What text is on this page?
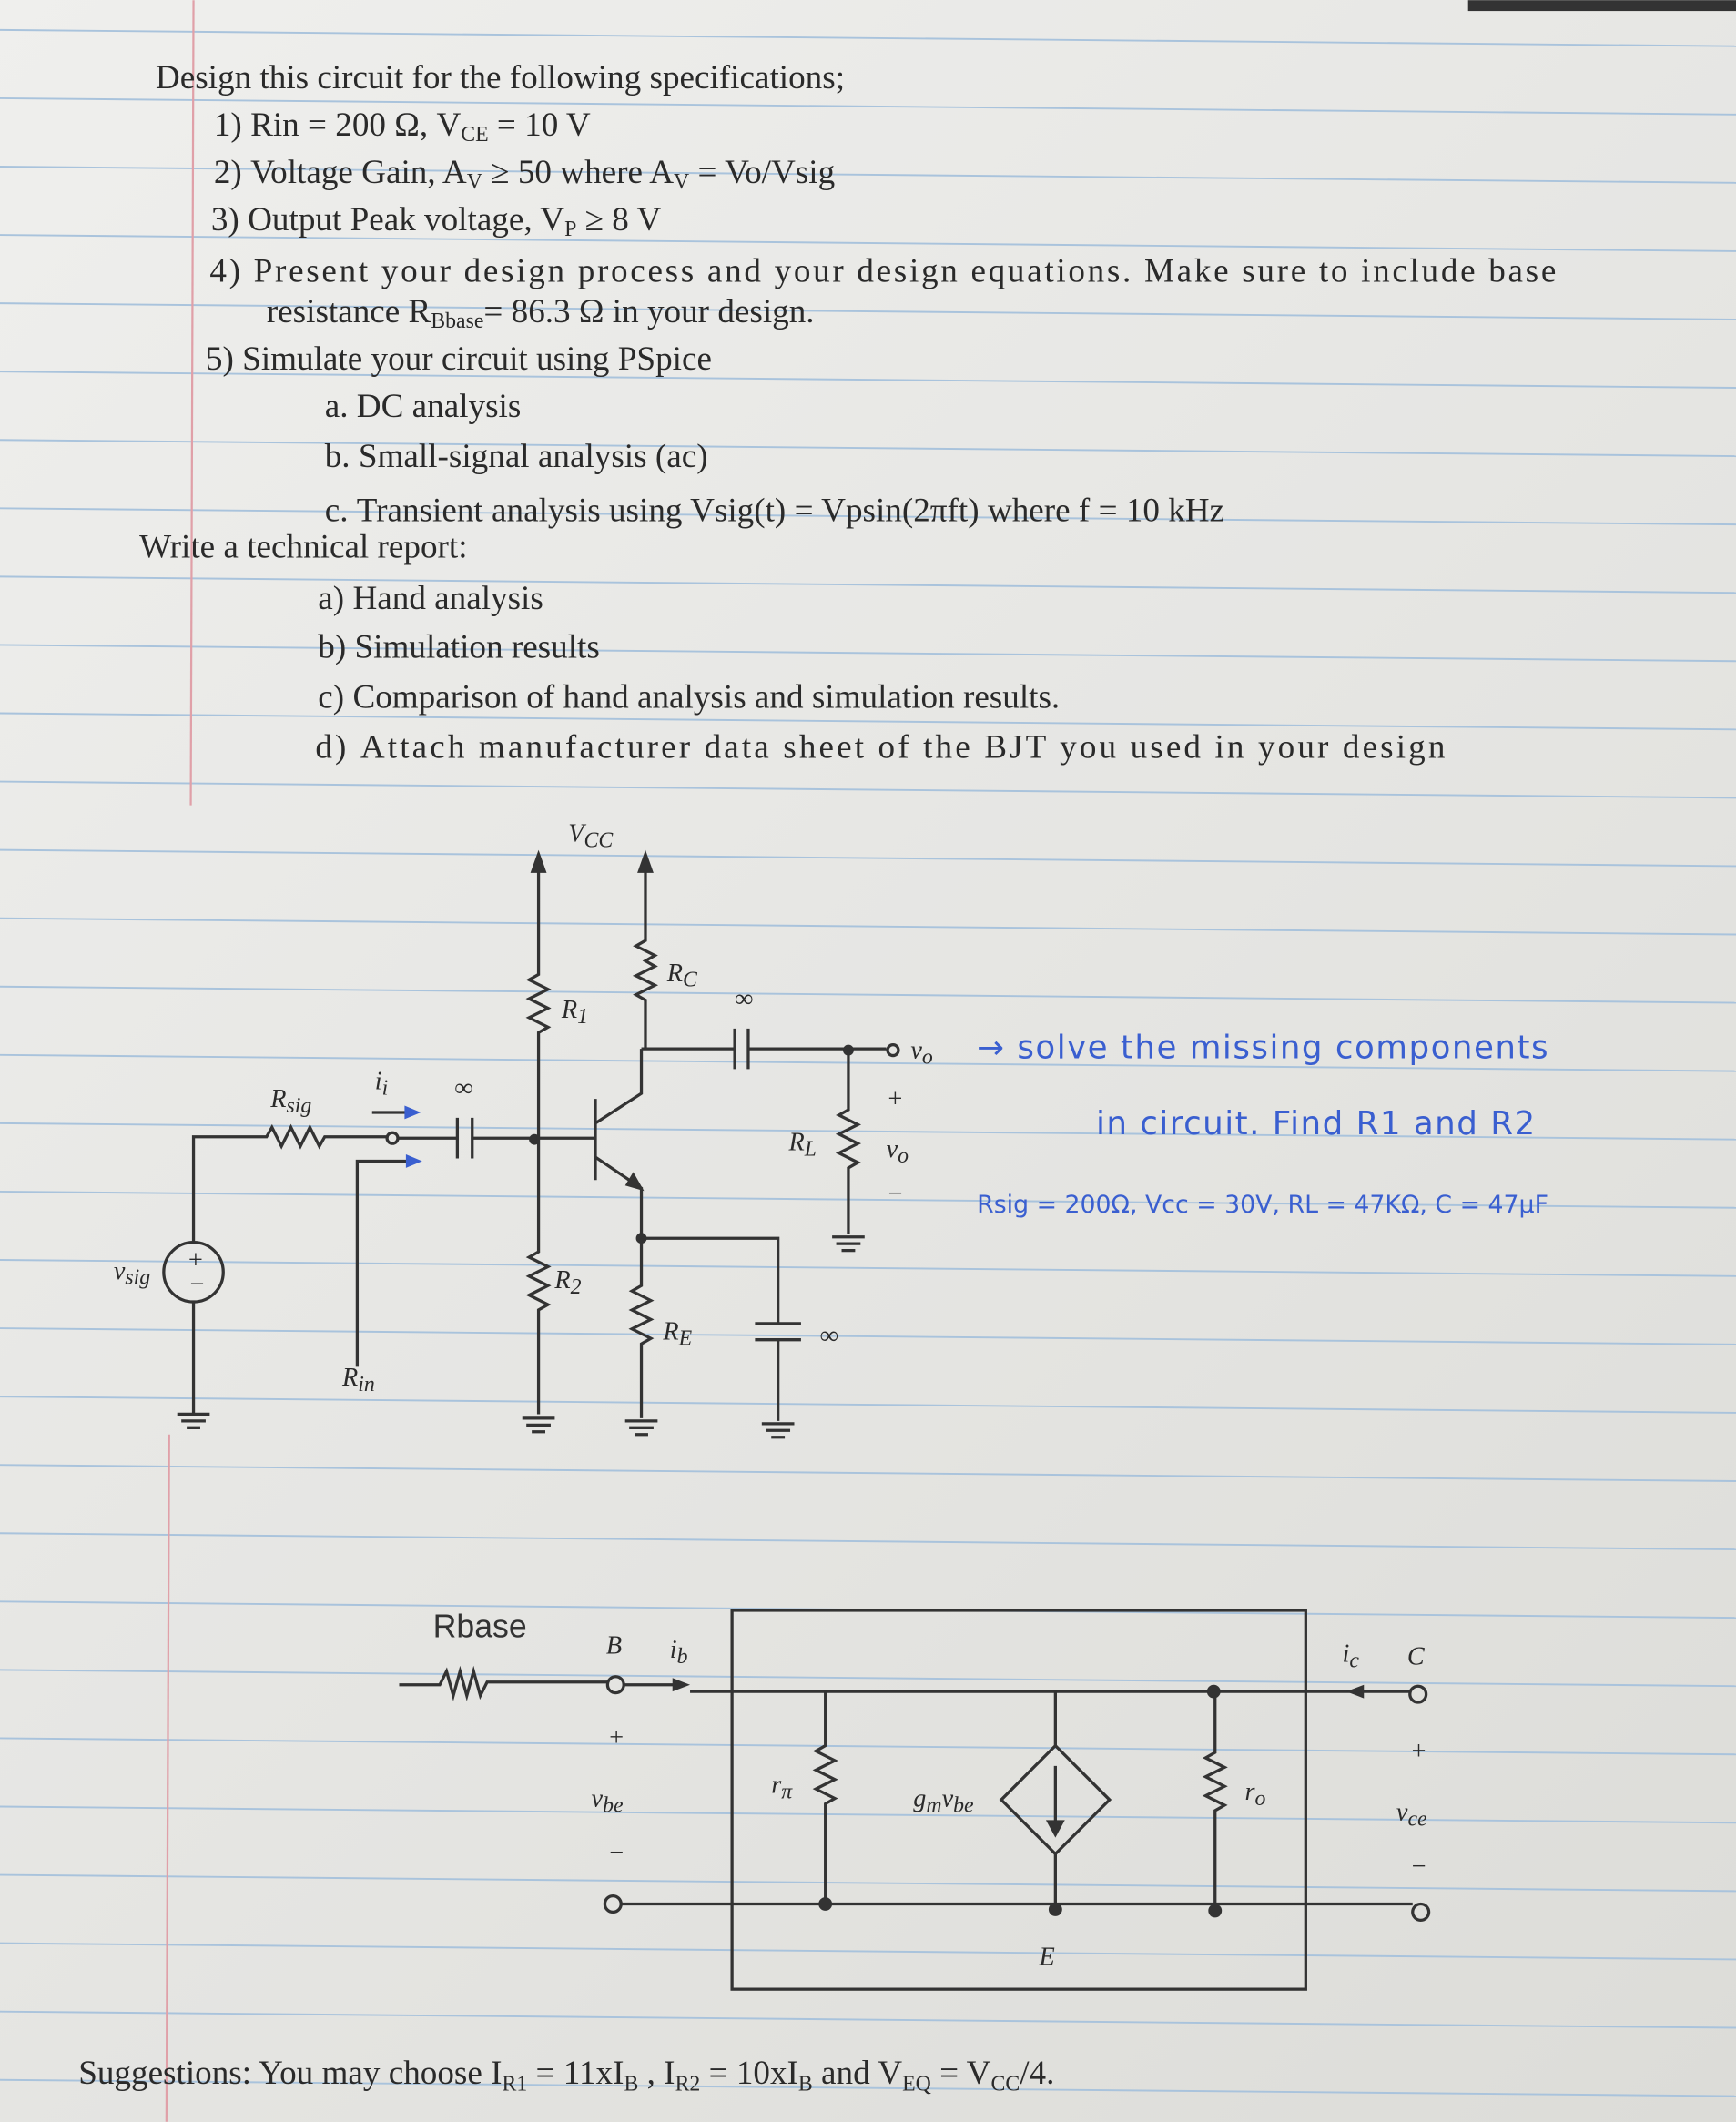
Design this circuit for the following specifications;
1) Rin = 200 Ω, VCE = 10 V
2) Voltage Gain, AV ≥ 50 where AV = Vo/Vsig
3) Output Peak voltage, VP ≥ 8 V
4) Present your design process and your design equations. Make sure to include base
resistance RBbase= 86.3 Ω in your design.
5) Simulate your circuit using PSpice
a. DC analysis
b. Small-signal analysis (ac)
c. Transient analysis using Vsig(t) = Vpsin(2πft) where f = 10 kHz
Write a technical report:
a) Hand analysis
b) Simulation results
c) Comparison of hand analysis and simulation results.
d) Attach manufacturer data sheet of the BJT you used in your design
$V_{CC}$
+
−
$v_{sig}$
$R_{sig}$
∞
$i_i$
$R_{in}$
$R_1$
$R_2$
$R_C$
∞
$v_o$
$R_L$
+
$v_o$
−
∞
$R_E$
→ solve the missing components
in circuit. Find R1 and R2
Rsig = 200Ω, Vcc = 30V, RL = 47KΩ, C = 47μF
Rbase
B	$i_b$
+
$v_{be}$
−
$r_\pi$	$g_mv_{be}$	$r_o$
E
$i_c$	C
+
$v_{ce}$
−
Suggestions: You may choose $I_{R1} = 11xI_B$ , $I_{R2} = 10xI_B$ and $V_{EQ} = V_{CC}/4$.
